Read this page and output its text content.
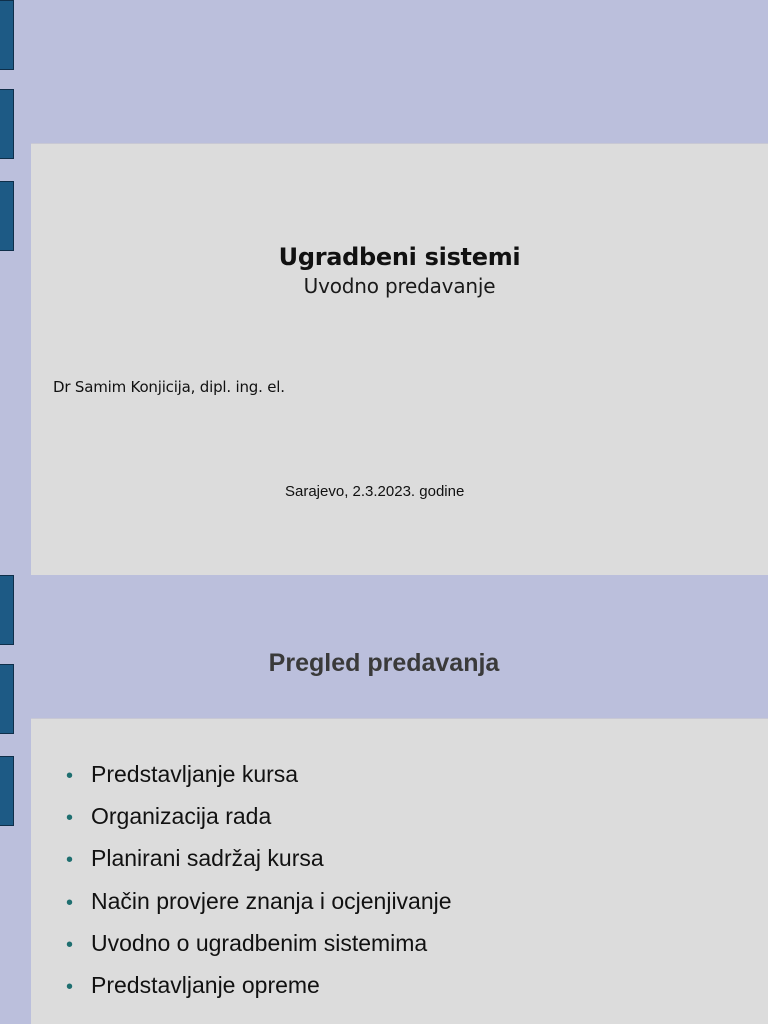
Ugradbeni sistemi
Uvodno predavanje
Dr Samim Konjicija, dipl. ing. el.
Sarajevo, 2.3.2023. godine
Pregled predavanja
• Predstavljanje kursa
• Organizacija rada
• Planirani sadržaj kursa
• Način provjere znanja i ocjenjivanje
• Uvodno o ugradbenim sistemima
• Predstavljanje opreme
